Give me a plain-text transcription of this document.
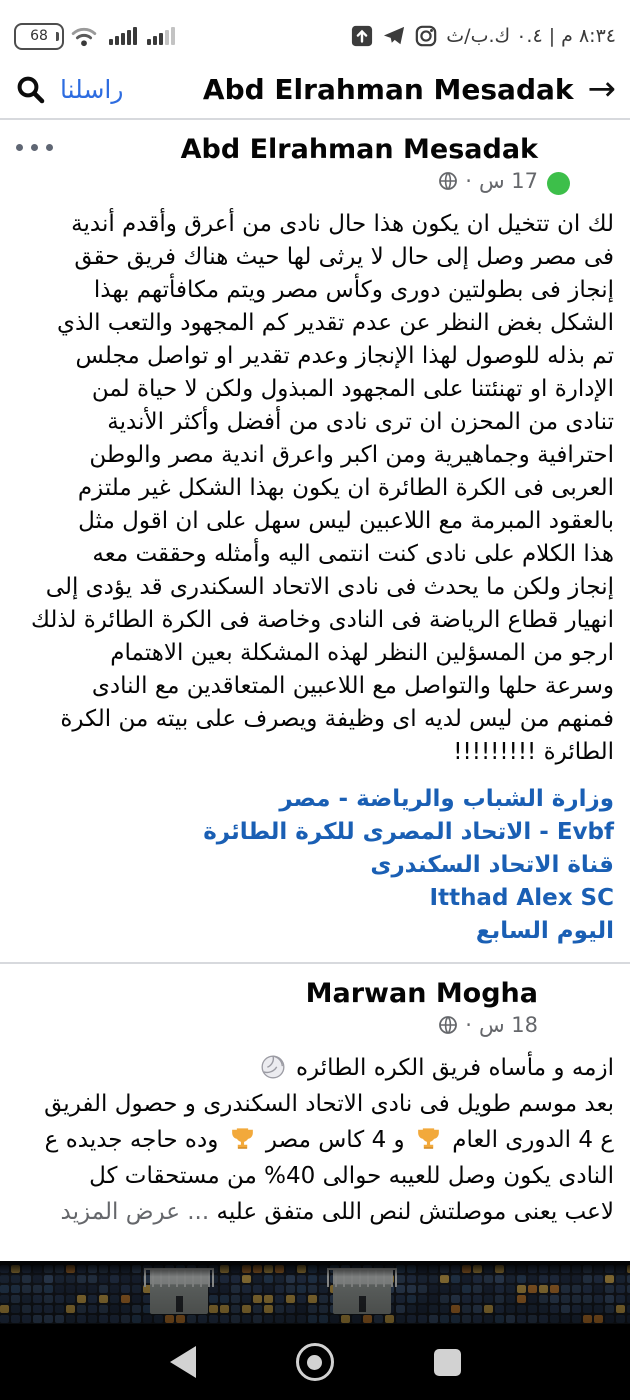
68	٨:٣٤ م | ٠.٤ ك.ب/ث
→
Abd Elrahman Mesadak
راسلنا
Abd Elrahman Mesadak
17 س
·
لك ان تتخيل ان يكون هذا حال نادى من أعرق وأقدم أندية
فى مصر وصل إلى حال لا يرثى لها حيث هناك فريق حقق
إنجاز فى بطولتين دورى وكأس مصر ويتم مكافأتهم بهذا
الشكل بغض النظر عن عدم تقدير كم المجهود والتعب الذي
تم بذله للوصول لهذا الإنجاز وعدم تقدير او تواصل مجلس
الإدارة او تهنئتنا على المجهود المبذول ولكن لا حياة لمن
تنادى من المحزن ان ترى نادى من أفضل وأكثر الأندية
احترافية وجماهيرية ومن اكبر واعرق اندية مصر والوطن
العربى فى الكرة الطائرة ان يكون بهذا الشكل غير ملتزم
بالعقود المبرمة مع اللاعبين ليس سهل على ان اقول مثل
هذا الكلام على نادى كنت انتمى اليه وأمثله وحققت معه
إنجاز ولكن ما يحدث فى نادى الاتحاد السكندرى قد يؤدى إلى
انهيار قطاع الرياضة فى النادى وخاصة فى الكرة الطائرة لذلك
ارجو من المسؤلين النظر لهذه المشكلة بعين الاهتمام
وسرعة حلها والتواصل مع اللاعبين المتعاقدين مع النادى
فمنهم من ليس لديه اى وظيفة ويصرف على بيته من الكرة
الطائرة !!!!!!!!!
وزارة الشباب والرياضة - مصر
Evbf - الاتحاد المصرى للكرة الطائرة
قناة الاتحاد السكندرى
Itthad Alex SC
اليوم السابع
Marwan Mogha
18 س
·
ازمه و مأساه فريق الكره الطائره
بعد موسم طويل فى نادى الاتحاد السكندرى و حصول الفريق
ع 4 الدورى العام  و 4 كاس مصر  وده حاجه جديده ع
النادى يكون وصل للعيبه حوالى 40% من مستحقات كل
لاعب يعنى موصلتش لنص اللى متفق عليه ... عرض المزيد
